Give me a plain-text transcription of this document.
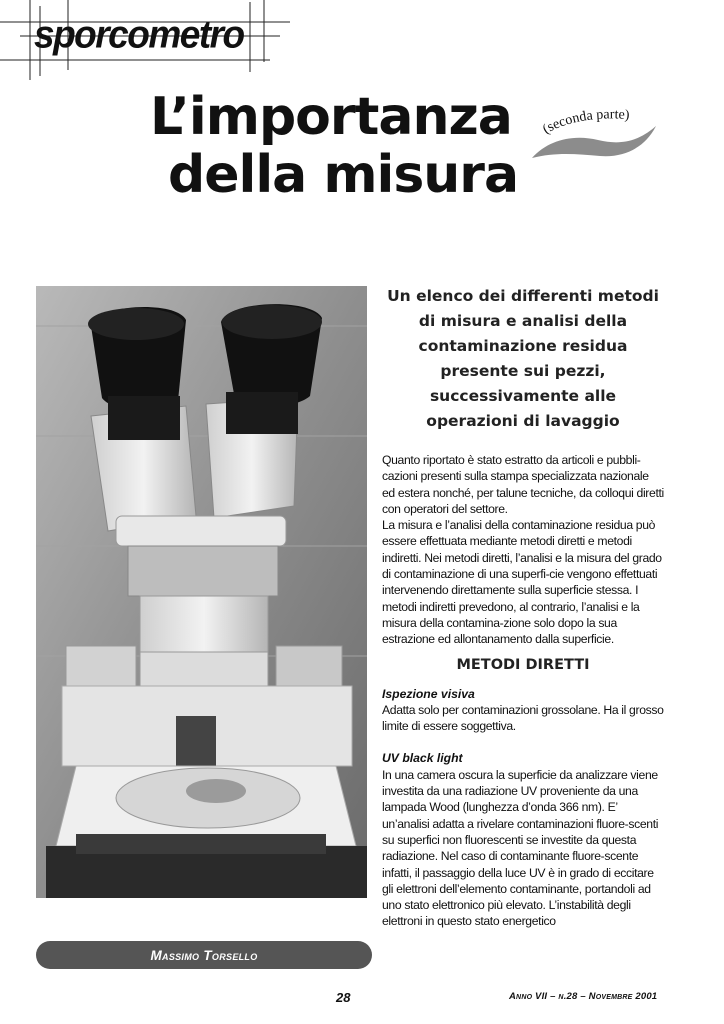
sporcometro
L’importanza
della misura
(seconda parte)
Massimo Torsello

Un elenco dei differenti metodi di misura e analisi della contaminazione residua presente sui pezzi, successivamente alle operazioni di lavaggio

Quanto riportato è stato estratto da articoli e pubbli-cazioni presenti sulla stampa specializzata nazionale ed estera nonché, per talune tecniche, da colloqui diretti con operatori del settore.

La misura e l’analisi della contaminazione residua può essere effettuata mediante metodi diretti e metodi indiretti. Nei metodi diretti, l’analisi e la misura del grado di contaminazione di una superfi-cie vengono effettuati intervenendo direttamente sulla superficie stessa. I metodi indiretti prevedono, al contrario, l’analisi e la misura della contamina-zione solo dopo la sua estrazione ed allontanamento dalla superficie.

METODI DIRETTI

Ispezione visiva

Adatta solo per contaminazioni grossolane. Ha il grosso limite di essere soggettiva.

UV black light

In una camera oscura la superficie da analizzare viene investita da una radiazione UV proveniente da una lampada Wood (lunghezza d’onda 366 nm). E’ un’analisi adatta a rivelare contaminazioni fluore-scenti su superfici non fluorescenti se investite da questa radiazione. Nel caso di contaminante fluore-scente infatti, il passaggio della luce UV è in grado di eccitare gli elettroni dell’elemento contaminante, portandoli ad uno stato elettronico più elevato. L’instabilità degli elettroni in questo stato energetico

28	Anno VII – n.28 – Novembre 2001
